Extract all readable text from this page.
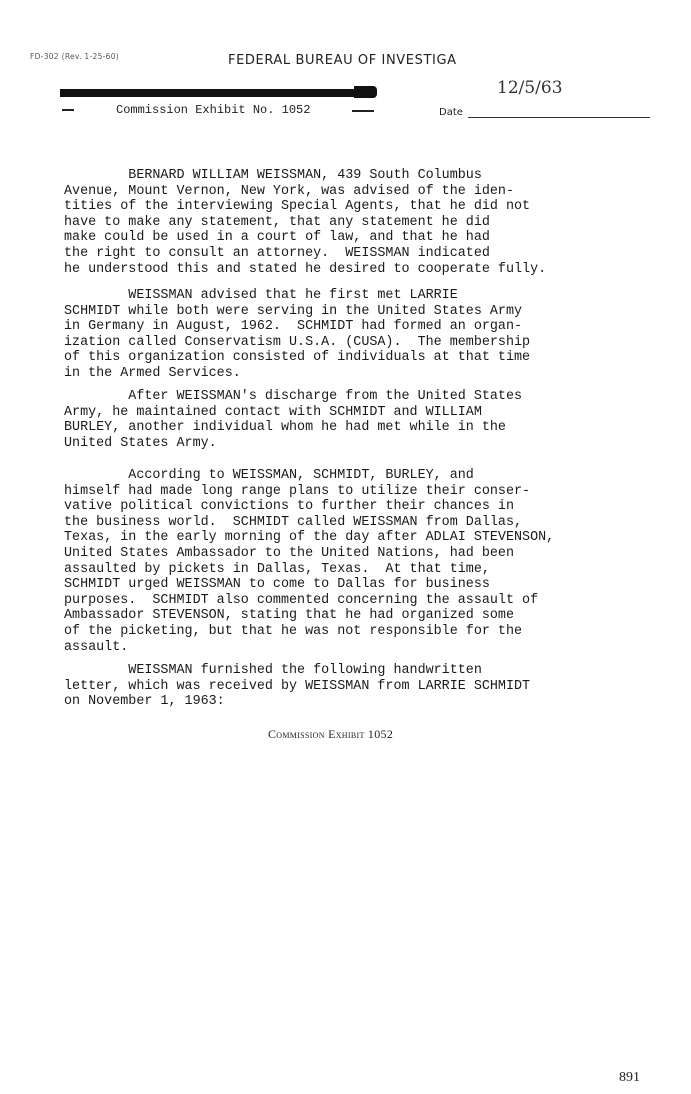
FD-302 (Rev. 1-25-60)	FEDERAL BUREAU OF INVESTIGA
12/5/63
Commission Exhibit No. 1052	Date

BERNARD WILLIAM WEISSMAN, 439 South Columbus
Avenue, Mount Vernon, New York, was advised of the iden-
tities of the interviewing Special Agents, that he did not
have to make any statement, that any statement he did
make could be used in a court of law, and that he had
the right to consult an attorney.  WEISSMAN indicated
he understood this and stated he desired to cooperate fully.

WEISSMAN advised that he first met LARRIE
SCHMIDT while both were serving in the United States Army
in Germany in August, 1962.  SCHMIDT had formed an organ-
ization called Conservatism U.S.A. (CUSA).  The membership
of this organization consisted of individuals at that time
in the Armed Services.

After WEISSMAN's discharge from the United States
Army, he maintained contact with SCHMIDT and WILLIAM
BURLEY, another individual whom he had met while in the
United States Army.

According to WEISSMAN, SCHMIDT, BURLEY, and
himself had made long range plans to utilize their conser-
vative political convictions to further their chances in
the business world.  SCHMIDT called WEISSMAN from Dallas,
Texas, in the early morning of the day after ADLAI STEVENSON,
United States Ambassador to the United Nations, had been
assaulted by pickets in Dallas, Texas.  At that time,
SCHMIDT urged WEISSMAN to come to Dallas for business
purposes.  SCHMIDT also commented concerning the assault of
Ambassador STEVENSON, stating that he had organized some
of the picketing, but that he was not responsible for the
assault.

WEISSMAN furnished the following handwritten
letter, which was received by WEISSMAN from LARRIE SCHMIDT
on November 1, 1963:

Commission Exhibit 1052
891
